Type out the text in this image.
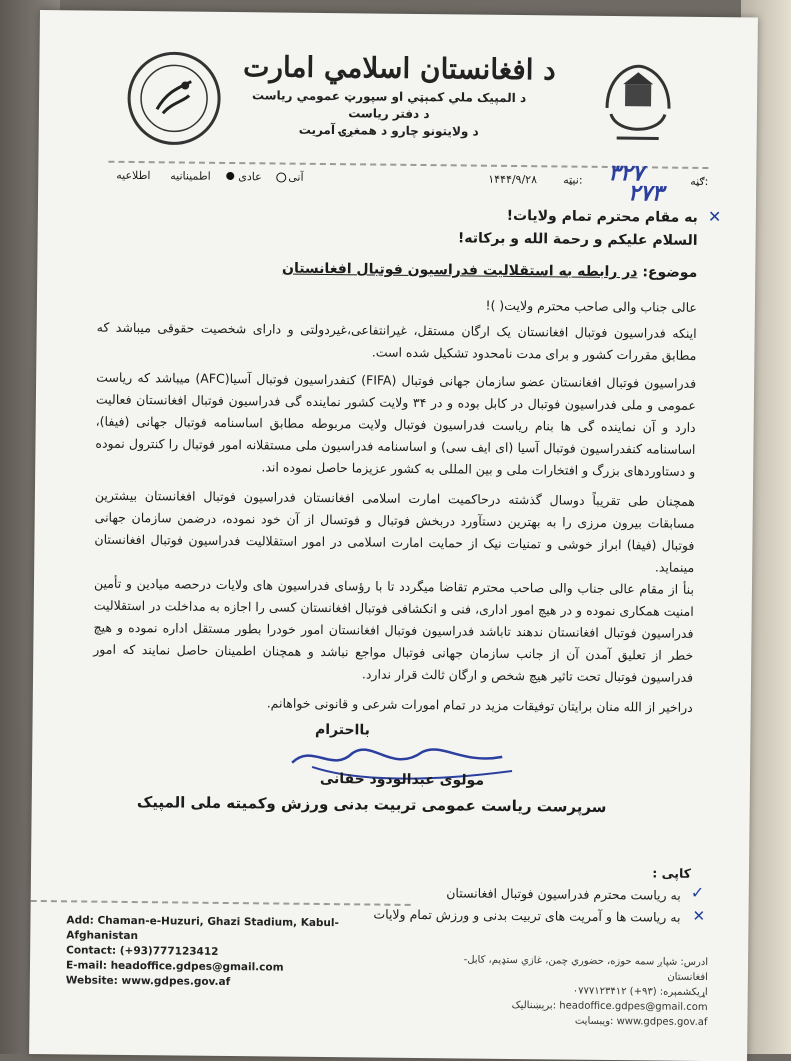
د افغانستان اسلامي امارت
د المپیک ملي کمېټي او سپورټ عمومي ریاست
د دفتر ریاست
د ولایتونو چارو د همغږۍ آمریت
اطلاعیه اطمینانیه عادی آنی	۱۴۴۴/۹/۲۸ نیټه: ۳۲۷
۲۷۳ ګڼه:
به مقام محترم تمام ولایات! ✕
السلام علیکم و رحمة الله و برکاته!
موضوع: در رابطه به استقلالیت فدراسیون فوتبال افغانستان
عالی جناب والی صاحب محترم ولایت( )!
اینکه فدراسیون فوتبال افغانستان یک ارگان مستقل، غیرانتفاعی،غیردولتی و دارای شخصیت حقوقی میباشد که مطابق مقررات کشور و برای مدت نامحدود تشکیل شده است.
فدراسیون فوتبال افغانستان عضو سازمان جهانی فوتبال (FIFA) کنفدراسیون فوتبال آسیا(AFC) میباشد که ریاست عمومی و ملی فدراسیون فوتبال در کابل بوده و در ۳۴ ولایت کشور نماینده گی فدراسیون فوتبال افغانستان فعالیت دارد و آن نماینده گی ها بنام ریاست فدراسیون فوتبال ولایت مربوطه مطابق اساسنامه فوتبال جهانی (فیفا)، اساسنامه کنفدراسیون فوتبال آسیا (ای ایف سی) و اساسنامه فدراسیون ملی مستقلانه امور فوتبال را کنترول نموده و دستاوردهای بزرگ و افتخارات ملی و بین المللی به کشور عزیزما حاصل نموده اند.
همچنان طی تقریباً دوسال گذشته درحاکمیت امارت اسلامی افغانستان فدراسیون فوتبال افغانستان بیشترین مسابقات بیرون مرزی را به بهترین دستآورد دربخش فوتبال و فوتسال از آن خود نموده، درضمن سازمان جهانی فوتبال (فیفا) ابراز خوشی و تمنیات نیک از حمایت امارت اسلامی در امور استقلالیت فدراسیون فوتبال افغانستان مینماید.
بنأ از مقام عالی جناب والی صاحب محترم تقاضا میگردد تا با رؤسای فدراسیون های ولایات درحصه میادین و تأمین امنیت همکاری نموده و در هیچ امور اداری، فنی و انکشافی فوتبال افغانستان کسی را اجازه به مداخلت در استقلالیت فدراسیون فوتبال افغانستان ندهند تاباشد فدراسیون فوتبال افغانستان امور خودرا بطور مستقل اداره نموده و هیچ خطر از تعلیق آمدن آن از جانب سازمان جهانی فوتبال مواجع نباشد و همچنان اطمینان حاصل نمایند که امور فدراسیون فوتبال تحت تاثیر هیچ شخص و ارگان ثالث قرار ندارد.
دراخیر از الله منان برایتان توفیقات مزید در تمام امورات شرعی و قانونی خواهانم.
بااحترام
مولوی عبدالودود حقانی
سرپرست ریاست عمومی تربیت بدنی ورزش وکمیته ملی المپیک
کاپی :
به ریاست محترم فدراسیون فوتبال افغانستان ✓
به ریاست ها و آمریت های تربیت بدنی و ورزش تمام ولایات ✕
Add: Chaman-e-Huzuri, Ghazi Stadium, Kabul-Afghanistan
Contact: (+93)777123412
E-mail: headoffice.gdpes@gmail.com
Website: www.gdpes.gov.af
ادرس: شپاږ سمه حوزه، حضوري چمن، غازي ستډیم، کابل- افغانستان
اړیکشمېره: (۹۳+) ۰۷۷۷۱۲۳۴۱۲
headoffice.gdpes@gmail.com :برېښنالیک
www.gdpes.gov.af :ویبسایت
